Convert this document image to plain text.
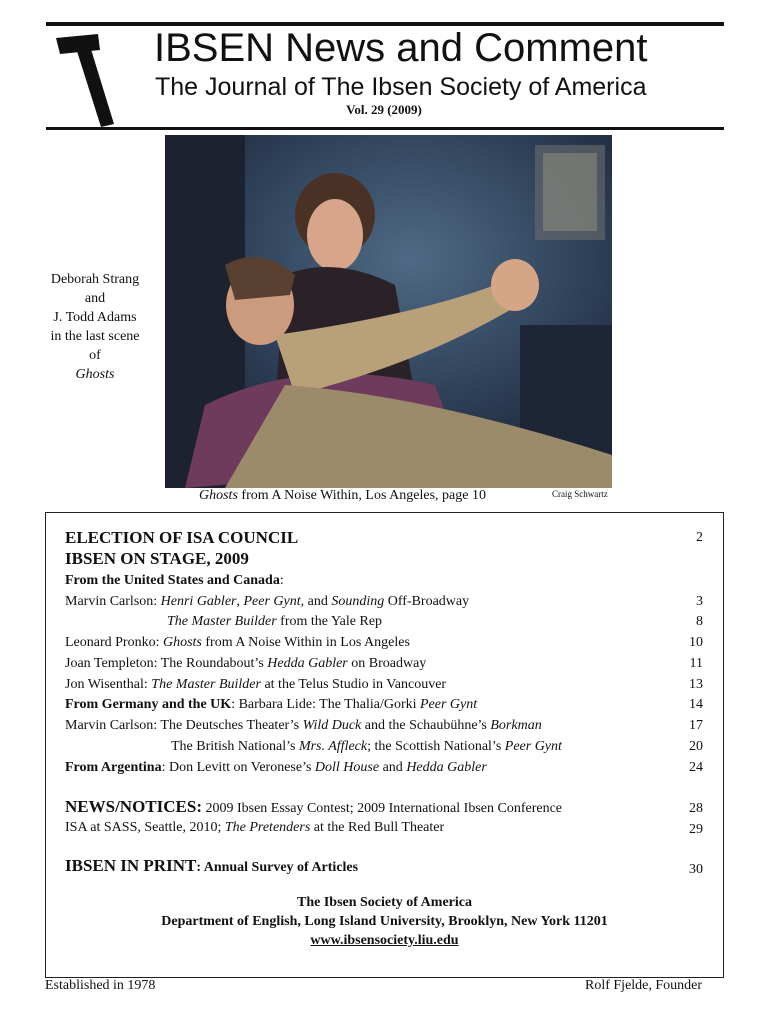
IBSEN News and Comment
The Journal of The Ibsen Society of America
Vol. 29 (2009)
Deborah Strang
and
J. Todd Adams
in the last scene
of
Ghosts
Ghosts from A Noise Within, Los Angeles, page 10	Craig Schwartz
ELECTION OF ISA COUNCIL	2
IBSEN ON STAGE, 2009
From the United States and Canada:
Marvin Carlson: Henri Gabler, Peer Gynt, and Sounding Off-Broadway	3
The Master Builder from the Yale Rep	8
Leonard Pronko: Ghosts from A Noise Within in Los Angeles	10
Joan Templeton: The Roundabout’s Hedda Gabler on Broadway	11
Jon Wisenthal: The Master Builder at the Telus Studio in Vancouver	13
From Germany and the UK: Barbara Lide: The Thalia/Gorki Peer Gynt	14
Marvin Carlson: The Deutsches Theater’s Wild Duck and the Schaubühne’s Borkman	17
The British National’s Mrs. Affleck; the Scottish National’s Peer Gynt	20
From Argentina: Don Levitt on Veronese’s Doll House and Hedda Gabler	24
NEWS/NOTICES: 2009 Ibsen Essay Contest; 2009 International Ibsen Conference	28
ISA at SASS, Seattle, 2010; The Pretenders at the Red Bull Theater	29
IBSEN IN PRINT: Annual Survey of Articles	30
The Ibsen Society of America
Department of English, Long Island University, Brooklyn, New York 11201
www.ibsensociety.liu.edu
Established in 1978	Rolf Fjelde, Founder
